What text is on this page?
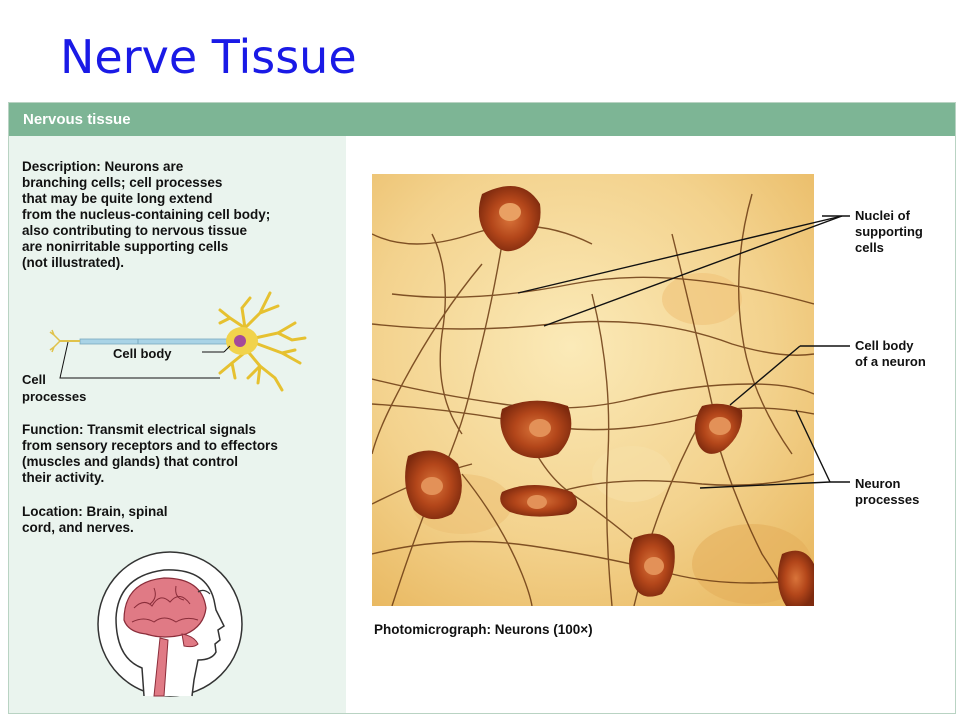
Nerve Tissue
Nervous tissue
Description: Neurons are
branching cells; cell processes
that may be quite long extend
from the nucleus-containing cell body;
also contributing to nervous tissue
are nonirritable supporting cells
(not illustrated).
Cell body
Cell
processes
Function: Transmit electrical signals
from sensory receptors and to effectors
(muscles and glands) that control
their activity.
Location: Brain, spinal
cord, and nerves.
Nuclei of
supporting
cells
Cell body
of a neuron
Neuron
processes
Photomicrograph: Neurons (100×)
